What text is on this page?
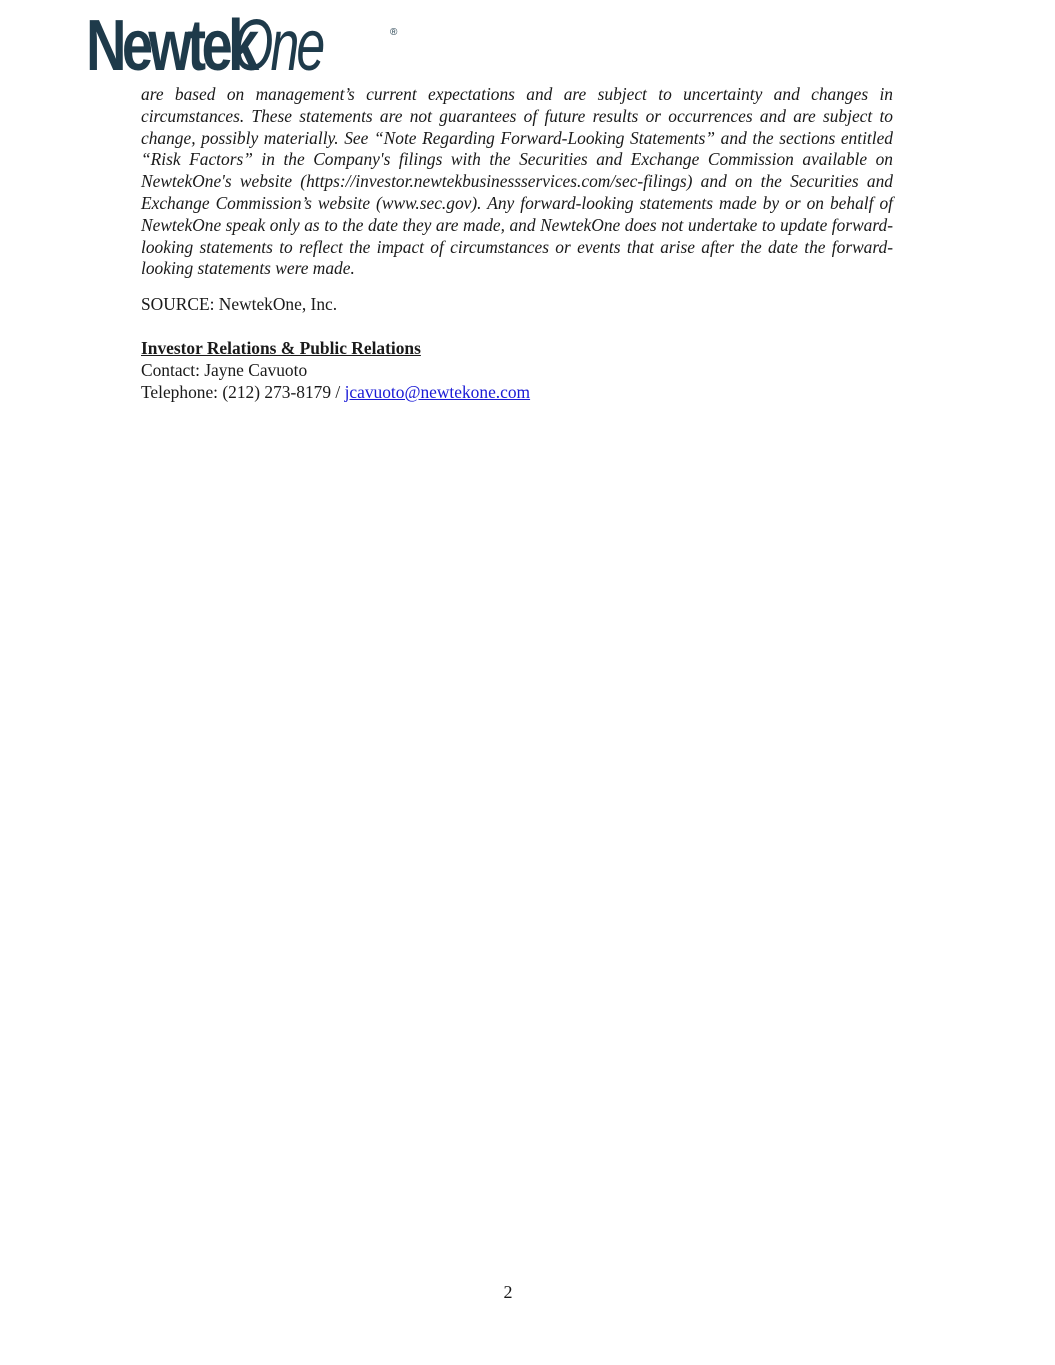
Newtek
One	®

are based on management’s current expectations and are subject to uncertainty and changes in circumstances. These statements are not guarantees of future results or occurrences and are subject to change, possibly materially. See “Note Regarding Forward-Looking Statements” and the sections entitled “Risk Factors” in the Company's filings with the Securities and Exchange Commission available on NewtekOne's website (https://investor.newtekbusinessservices.com/sec-filings) and on the Securities and Exchange Commission’s website (www.sec.gov). Any forward-looking statements made by or on behalf of NewtekOne speak only as to the date they are made, and NewtekOne does not undertake to update forward-looking statements to reflect the impact of circumstances or events that arise after the date the forward-looking statements were made.

SOURCE: NewtekOne, Inc.

Investor Relations & Public Relations

Contact: Jayne Cavuoto

Telephone: (212) 273-8179 / jcavuoto@newtekone.com

2
